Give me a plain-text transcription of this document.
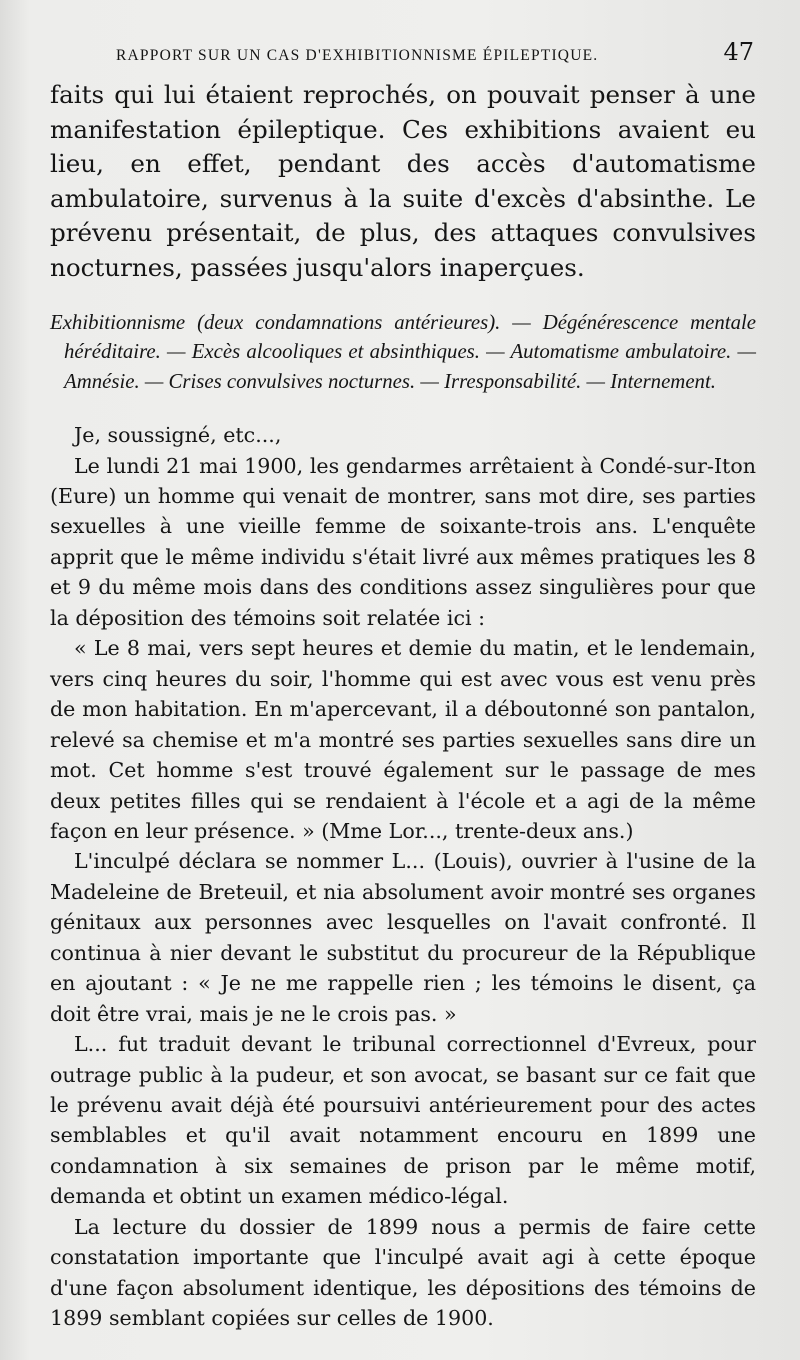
RAPPORT SUR UN CAS D'EXHIBITIONNISME ÉPILEPTIQUE.	47

faits qui lui étaient reprochés, on pouvait penser à une manifestation épileptique. Ces exhibitions avaient eu lieu, en effet, pendant des accès d'automatisme ambulatoire, survenus à la suite d'excès d'absinthe. Le prévenu présentait, de plus, des attaques convulsives nocturnes, passées jusqu'alors inaperçues.

Exhibitionnisme (deux condamnations antérieures). — Dégénérescence mentale héréditaire. — Excès alcooliques et absinthiques. — Automatisme ambulatoire. — Amnésie. — Crises convulsives nocturnes. — Irresponsabilité. — Internement.

Je, soussigné, etc...,

Le lundi 21 mai 1900, les gendarmes arrêtaient à Condé-sur-Iton (Eure) un homme qui venait de montrer, sans mot dire, ses parties sexuelles à une vieille femme de soixante-trois ans. L'enquête apprit que le même individu s'était livré aux mêmes pratiques les 8 et 9 du même mois dans des conditions assez singulières pour que la déposition des témoins soit relatée ici :

« Le 8 mai, vers sept heures et demie du matin, et le lendemain, vers cinq heures du soir, l'homme qui est avec vous est venu près de mon habitation. En m'apercevant, il a déboutonné son pantalon, relevé sa chemise et m'a montré ses parties sexuelles sans dire un mot. Cet homme s'est trouvé également sur le passage de mes deux petites filles qui se rendaient à l'école et a agi de la même façon en leur présence. » (Mme Lor..., trente-deux ans.)

L'inculpé déclara se nommer L... (Louis), ouvrier à l'usine de la Madeleine de Breteuil, et nia absolument avoir montré ses organes génitaux aux personnes avec lesquelles on l'avait confronté. Il continua à nier devant le substitut du procureur de la République en ajoutant : « Je ne me rappelle rien ; les témoins le disent, ça doit être vrai, mais je ne le crois pas. »

L... fut traduit devant le tribunal correctionnel d'Evreux, pour outrage public à la pudeur, et son avocat, se basant sur ce fait que le prévenu avait déjà été poursuivi antérieurement pour des actes semblables et qu'il avait notamment encouru en 1899 une condamnation à six semaines de prison par le même motif, demanda et obtint un examen médico-légal.

La lecture du dossier de 1899 nous a permis de faire cette constatation importante que l'inculpé avait agi à cette époque d'une façon absolument identique, les dépositions des témoins de 1899 semblant copiées sur celles de 1900.
